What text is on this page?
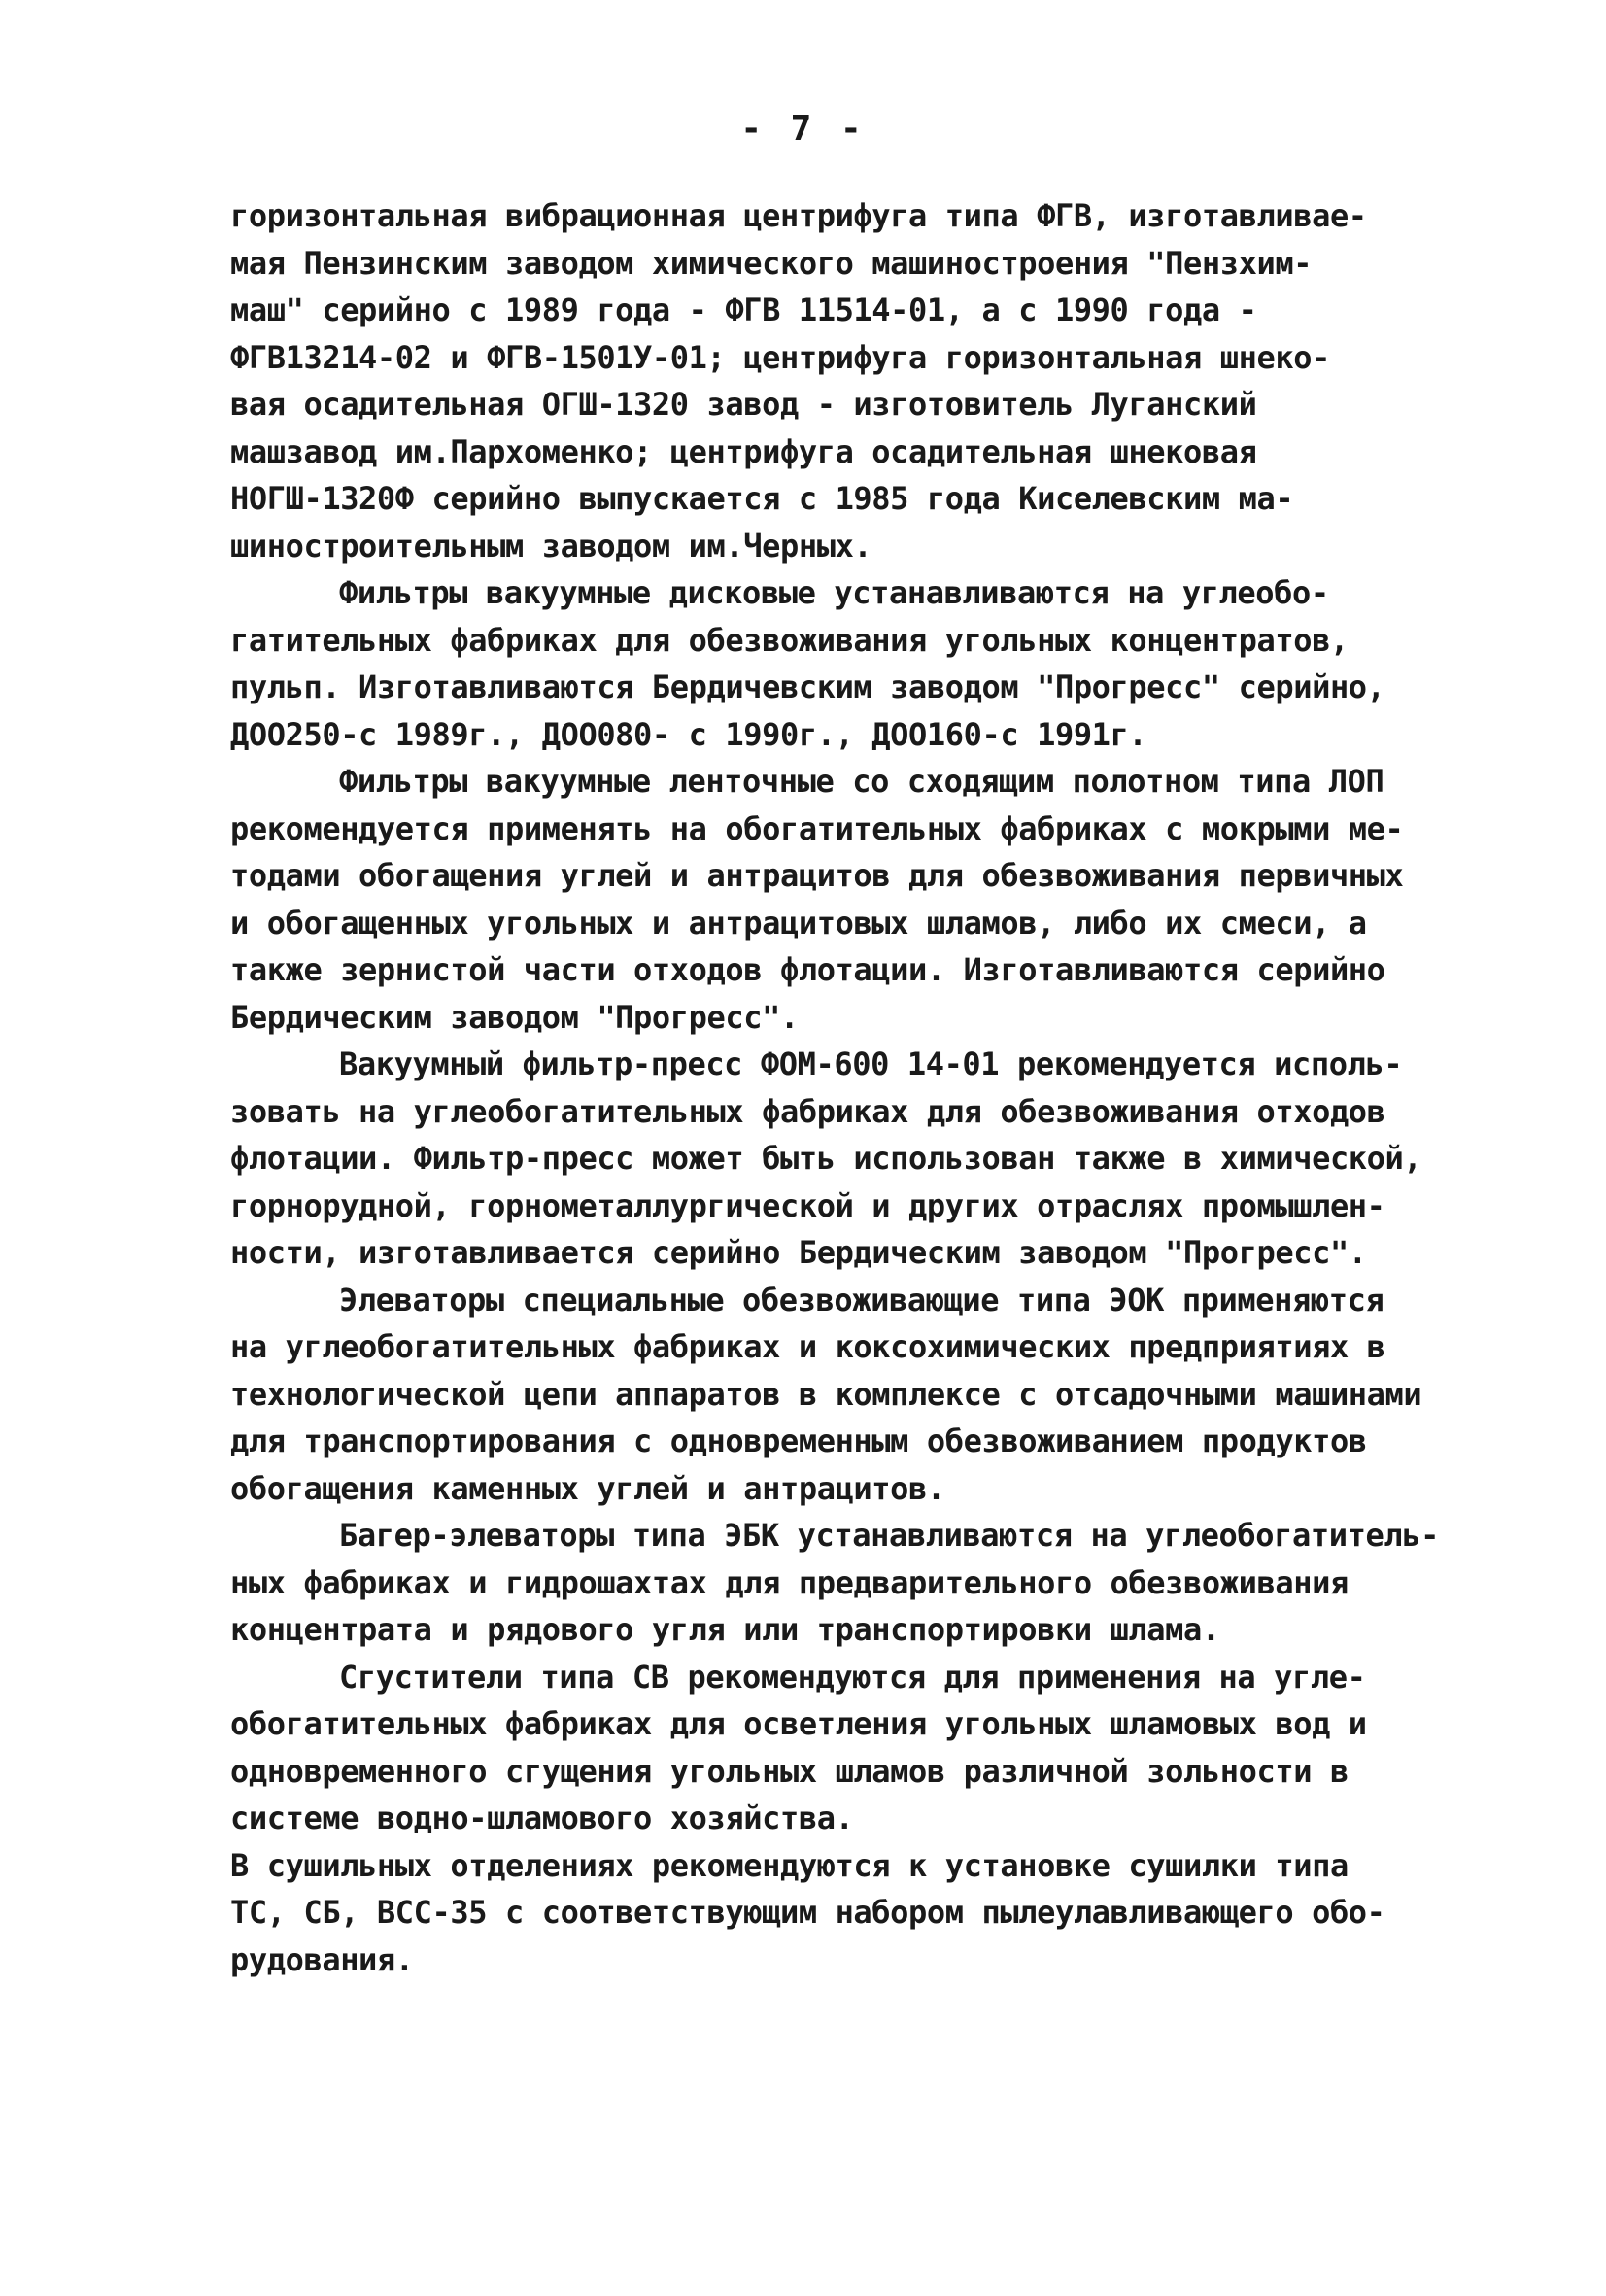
- 7 -
горизонтальная вибрационная центрифуга типа ФГВ, изготавливае-
мая Пензинским заводом химического машиностроения "Пензхим-
маш" серийно с 1989 года - ФГВ 11514-01, а с 1990 года -
ФГВ13214-02 и ФГВ-1501У-01; центрифуга горизонтальная шнеко-
вая осадительная ОГШ-1320 завод - изготовитель Луганский
машзавод им.Пархоменко; центрифуга осадительная шнековая
НОГШ-1320Ф серийно выпускается с 1985 года Киселевским ма-
шиностроительным заводом им.Черных.
Фильтры вакуумные дисковые устанавливаются на углеобо-
гатительных фабриках для обезвоживания угольных концентратов,
пульп. Изготавливаются Бердичевским заводом "Прогресс" серийно,
ДОО250-с 1989г., ДОО080- с 1990г., ДОО160-с 1991г.
Фильтры вакуумные ленточные со сходящим полотном типа ЛОП
рекомендуется применять на обогатительных фабриках с мокрыми ме-
тодами обогащения углей и антрацитов для обезвоживания первичных
и обогащенных угольных и антрацитовых шламов, либо их смеси, а
также зернистой части отходов флотации. Изготавливаются серийно
Бердическим заводом "Прогресс".
Вакуумный фильтр-пресс ФОМ-600 14-01 рекомендуется исполь-
зовать на углеобогатительных фабриках для обезвоживания отходов
флотации. Фильтр-пресс может быть использован также в химической,
горнорудной, горнометаллургической и других отраслях промышлен-
ности, изготавливается серийно Бердическим заводом "Прогресс".
Элеваторы специальные обезвоживающие типа ЭОК применяются
на углеобогатительных фабриках и коксохимических предприятиях в
технологической цепи аппаратов в комплексе с отсадочными машинами
для транспортирования с одновременным обезвоживанием продуктов
обогащения каменных углей и антрацитов.
Багер-элеваторы типа ЭБК устанавливаются на углеобогатитель-
ных фабриках и гидрошахтах для предварительного обезвоживания
концентрата и рядового угля или транспортировки шлама.
Сгустители типа СВ рекомендуются для применения на угле-
обогатительных фабриках для осветления угольных шламовых вод и
одновременного сгущения угольных шламов различной зольности в
системе водно-шламового хозяйства.
В сушильных отделениях рекомендуются к установке сушилки типа
ТС, СБ, ВСС-35 с соответствующим набором пылеулавливающего обо-
рудования.
